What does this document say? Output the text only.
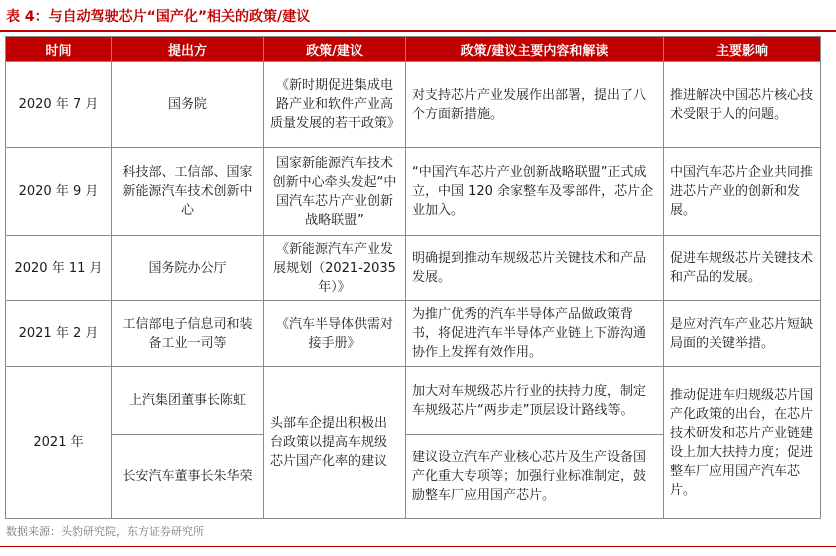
表 4：与自动驾驶芯片“国产化”相关的政策/建议
时间	提出方	政策/建议	政策/建议主要内容和解读	主要影响

2020 年 7 月	国务院	《新时期促进集成电路产业和软件产业高质量发展的若干政策》	对支持芯片产业发展作出部署，提出了八个方面新措施。	推进解决中国芯片核心技术受限于人的问题。

2020 年 9 月	科技部、工信部、国家新能源汽车技术创新中心	国家新能源汽车技术创新中心牵头发起“中国汽车芯片产业创新战略联盟”	“中国汽车芯片产业创新战略联盟”正式成立，中国 120 余家整车及零部件，芯片企业加入。	中国汽车芯片企业共同推进芯片产业的创新和发展。

2020 年 11 月	国务院办公厅	《新能源汽车产业发展规划（2021-2035 年）》	明确提到推动车规级芯片关键技术和产品发展。	促进车规级芯片关键技术和产品的发展。

2021 年 2 月	工信部电子信息司和装备工业一司等	《汽车半导体供需对接手册》	为推广优秀的汽车半导体产品做政策背书，将促进汽车半导体产业链上下游沟通协作上发挥有效作用。	是应对汽车产业芯片短缺局面的关键举措。

2021 年	上汽集团董事长陈虹	头部车企提出积极出台政策以提高车规级芯片国产化率的建议	加大对车规级芯片行业的扶持力度，制定车规级芯片“两步走”顶层设计路线等。	推动促进车归规级芯片国产化政策的出台，在芯片技术研发和芯片产业链建设上加大扶持力度；促进整车厂应用国产汽车芯片。

	长安汽车董事长朱华荣		建议设立汽车产业核心芯片及生产设备国产化重大专项等；加强行业标准制定，鼓励整车厂应用国产芯片。	
数据来源：头豹研究院，东方证券研究所
